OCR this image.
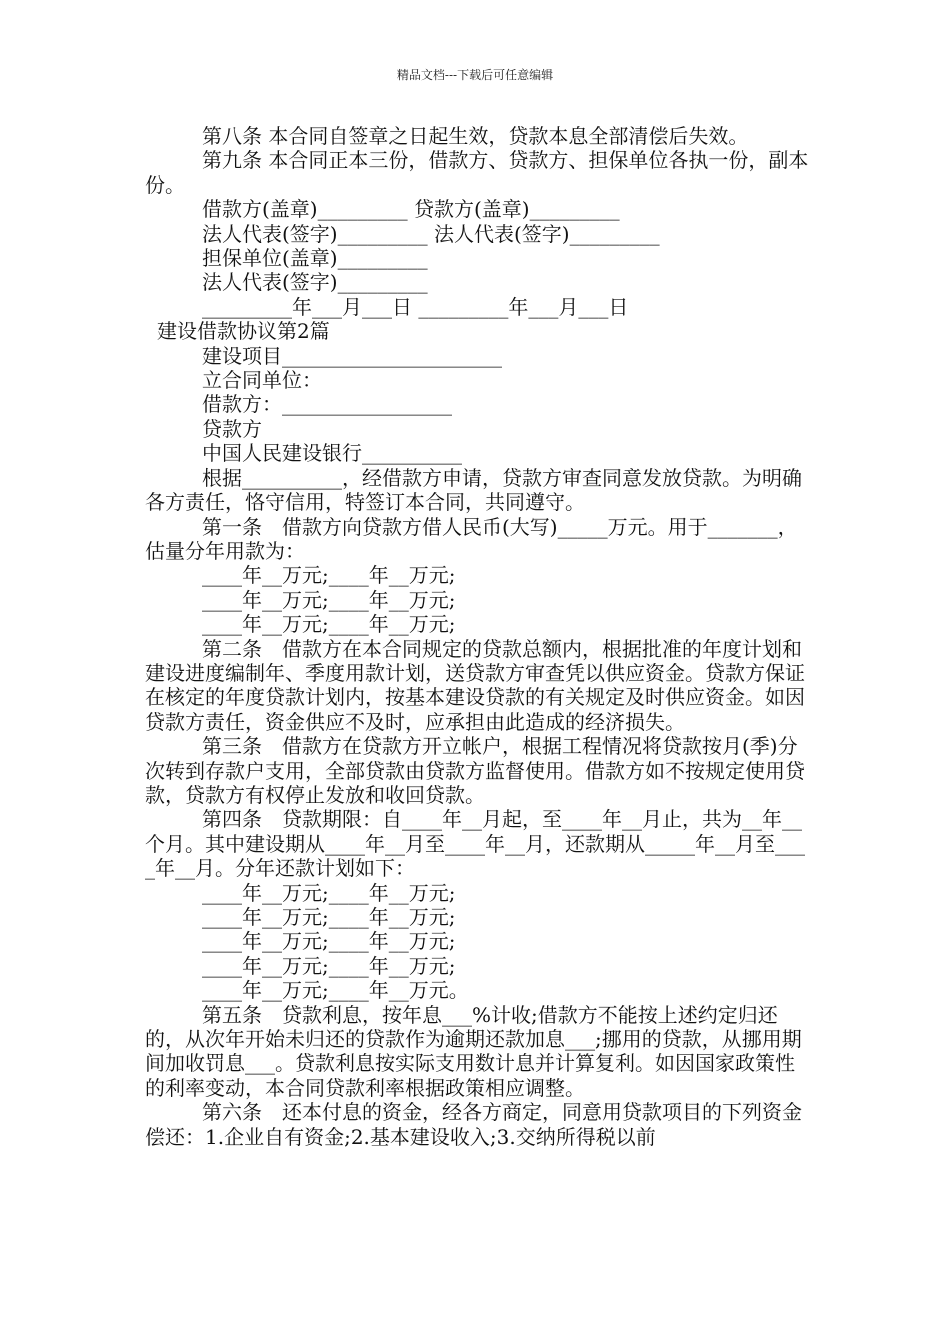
精品文档---下载后可任意编辑

第八条 本合同自签章之日起生效，贷款本息全部清偿后失效。

第九条 本合同正本三份，借款方、贷款方、担保单位各执一份，副本份。

借款方(盖章)_________ 贷款方(盖章)_________

法人代表(签字)_________ 法人代表(签字)_________

担保单位(盖章)_________

法人代表(签字)_________

_________年___月___日 _________年___月___日

建设借款协议第2篇

建设项目______________________

立合同单位：

借款方：_________________

贷款方

中国人民建设银行__________

根据__________，经借款方申请，贷款方审查同意发放贷款。为明确各方责任，恪守信用，特签订本合同，共同遵守。

第一条　借款方向贷款方借人民币(大写)_____万元。用于_______，估量分年用款为：

____年__万元;____年__万元;

____年__万元;____年__万元;

____年__万元;____年__万元;

第二条　借款方在本合同规定的贷款总额内，根据批准的年度计划和建设进度编制年、季度用款计划，送贷款方审查凭以供应资金。贷款方保证在核定的年度贷款计划内，按基本建设贷款的有关规定及时供应资金。如因贷款方责任，资金供应不及时，应承担由此造成的经济损失。

第三条　借款方在贷款方开立帐户，根据工程情况将贷款按月(季)分次转到存款户支用，全部贷款由贷款方监督使用。借款方如不按规定使用贷款，贷款方有权停止发放和收回贷款。

第四条　贷款期限：自____年__月起，至____年__月止，共为__年__个月。其中建设期从____年__月至____年__月，还款期从_____年__月至____年__月。分年还款计划如下：

____年__万元;____年__万元;

____年__万元;____年__万元;

____年__万元;____年__万元;

____年__万元;____年__万元;

____年__万元;____年__万元。

第五条　贷款利息，按年息___%计收;借款方不能按上述约定归还的，从次年开始未归还的贷款作为逾期还款加息___;挪用的贷款，从挪用期间加收罚息___。贷款利息按实际支用数计息并计算复利。如因国家政策性的利率变动，本合同贷款利率根据政策相应调整。

第六条　还本付息的资金，经各方商定，同意用贷款项目的下列资金偿还：1.企业自有资金;2.基本建设收入;3.交纳所得税以前
